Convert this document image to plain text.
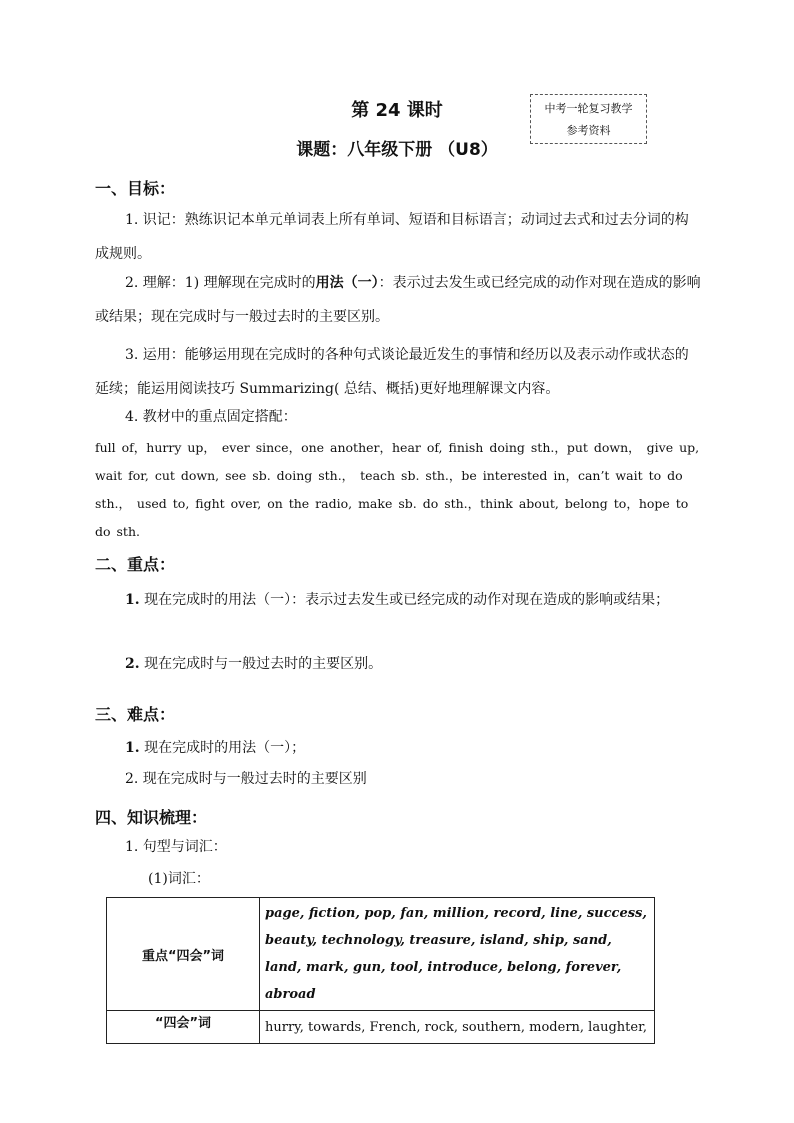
第 24 课时
课题：八年级下册 （U8）
中考一轮复习教学
参考资料
一、目标：
1. 识记：熟练识记本单元单词表上所有单词、短语和目标语言；动词过去式和过去分词的构成规则。
2. 理解：1) 理解现在完成时的用法（一）：表示过去发生或已经完成的动作对现在造成的影响或结果；现在完成时与一般过去时的主要区别。
3. 运用：能够运用现在完成时的各种句式谈论最近发生的事情和经历以及表示动作或状态的延续；能运用阅读技巧 Summarizing( 总结、概括)更好地理解课文内容。
4. 教材中的重点固定搭配：
full of，hurry up， ever since，one another，hear of, finish doing sth.，put down， give up, wait for, cut down, see sb. doing sth.， teach sb. sth.，be interested in，can’t wait to do sth.， used to, fight over, on the radio, make sb. do sth.，think about, belong to，hope to do sth.
二、重点：
1. 现在完成时的用法（一）：表示过去发生或已经完成的动作对现在造成的影响或结果；
2. 现在完成时与一般过去时的主要区别。
三、难点：
1. 现在完成时的用法（一）；
2. 现在完成时与一般过去时的主要区别
四、知识梳理：
1. 句型与词汇：
(1)词汇：
重点“四会”词	page, fiction, pop, fan, million, record, line, success, beauty, technology, treasure, island, ship, sand, land, mark, gun, tool, introduce, belong, forever, abroad
“四会”词	hurry, towards, French, rock, southern, modern, laughter,
